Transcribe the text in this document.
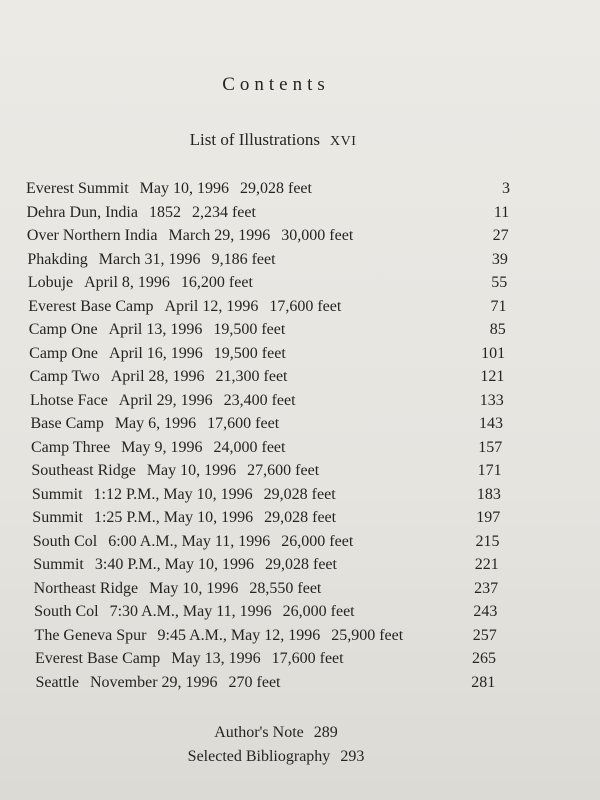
Contents
List of Illustrations XVI
Everest Summit May 10, 1996 29,028 feet	3
Dehra Dun, India 1852 2,234 feet	11
Over Northern India March 29, 1996 30,000 feet	27
Phakding March 31, 1996 9,186 feet	39
Lobuje April 8, 1996 16,200 feet	55
Everest Base Camp April 12, 1996 17,600 feet	71
Camp One April 13, 1996 19,500 feet	85
Camp One April 16, 1996 19,500 feet	101
Camp Two April 28, 1996 21,300 feet	121
Lhotse Face April 29, 1996 23,400 feet	133
Base Camp May 6, 1996 17,600 feet	143
Camp Three May 9, 1996 24,000 feet	157
Southeast Ridge May 10, 1996 27,600 feet	171
Summit 1:12 P.M., May 10, 1996 29,028 feet	183
Summit 1:25 P.M., May 10, 1996 29,028 feet	197
South Col 6:00 A.M., May 11, 1996 26,000 feet	215
Summit 3:40 P.M., May 10, 1996 29,028 feet	221
Northeast Ridge May 10, 1996 28,550 feet	237
South Col 7:30 A.M., May 11, 1996 26,000 feet	243
The Geneva Spur 9:45 A.M., May 12, 1996 25,900 feet	257
Everest Base Camp May 13, 1996 17,600 feet	265
Seattle November 29, 1996 270 feet	281
Author's Note 289
Selected Bibliography 293
